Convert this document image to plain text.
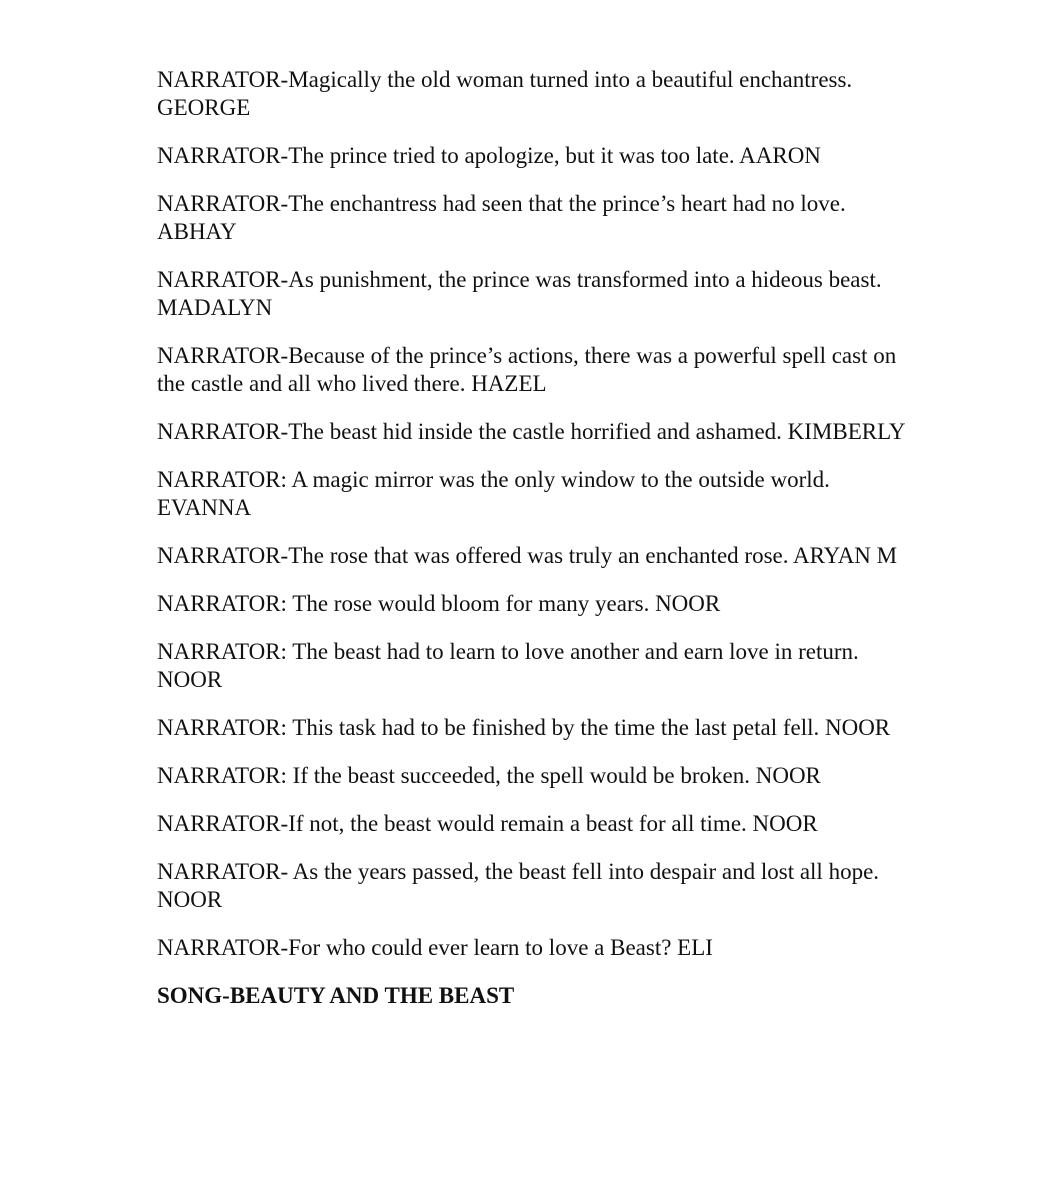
NARRATOR-Magically the old woman turned into a beautiful enchantress. GEORGE

NARRATOR-The prince tried to apologize, but it was too late. AARON

NARRATOR-The enchantress had seen that the prince’s heart had no love. ABHAY

NARRATOR-As punishment, the prince was transformed into a hideous beast. MADALYN

NARRATOR-Because of the prince’s actions, there was a powerful spell cast on the castle and all who lived there. HAZEL

NARRATOR-The beast hid inside the castle horrified and ashamed. KIMBERLY

NARRATOR: A magic mirror was the only window to the outside world. EVANNA

NARRATOR-The rose that was offered was truly an enchanted rose. ARYAN M

NARRATOR: The rose would bloom for many years. NOOR

NARRATOR: The beast had to learn to love another and earn love in return. NOOR

NARRATOR: This task had to be finished by the time the last petal fell. NOOR

NARRATOR: If the beast succeeded, the spell would be broken. NOOR

NARRATOR-If not, the beast would remain a beast for all time. NOOR

NARRATOR- As the years passed, the beast fell into despair and lost all hope. NOOR

NARRATOR-For who could ever learn to love a Beast? ELI

SONG-BEAUTY AND THE BEAST
